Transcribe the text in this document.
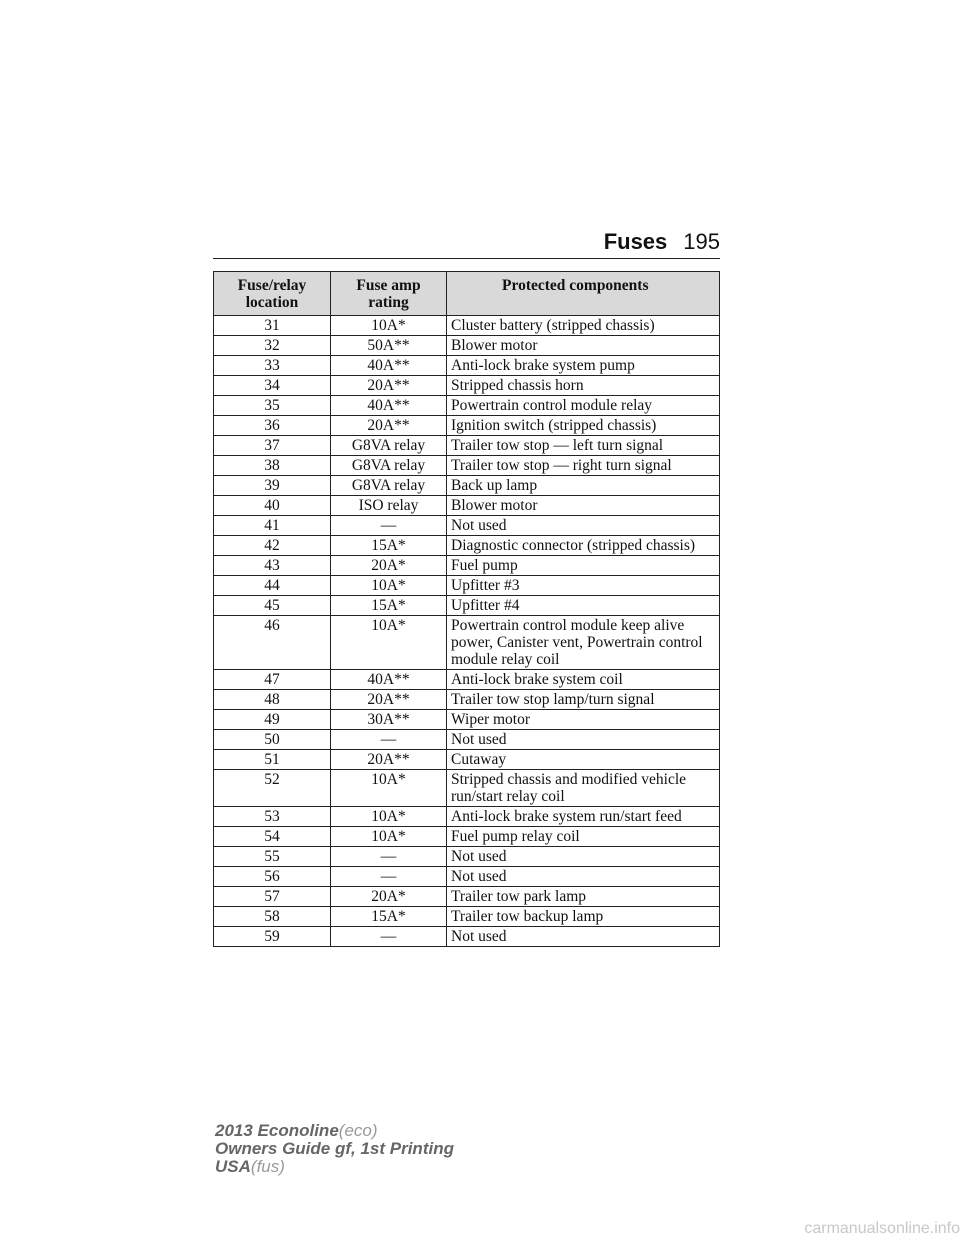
Fuses 195
Fuse/relay location	Fuse amp rating	Protected components
31	10A*	Cluster battery (stripped chassis)
32	50A**	Blower motor
33	40A**	Anti-lock brake system pump
34	20A**	Stripped chassis horn
35	40A**	Powertrain control module relay
36	20A**	Ignition switch (stripped chassis)
37	G8VA relay	Trailer tow stop — left turn signal
38	G8VA relay	Trailer tow stop — right turn signal
39	G8VA relay	Back up lamp
40	ISO relay	Blower motor
41	—	Not used
42	15A*	Diagnostic connector (stripped chassis)
43	20A*	Fuel pump
44	10A*	Upfitter #3
45	15A*	Upfitter #4
46	10A*	Powertrain control module keep alive power, Canister vent, Powertrain control module relay coil
47	40A**	Anti-lock brake system coil
48	20A**	Trailer tow stop lamp/turn signal
49	30A**	Wiper motor
50	—	Not used
51	20A**	Cutaway
52	10A*	Stripped chassis and modified vehicle run/start relay coil
53	10A*	Anti-lock brake system run/start feed
54	10A*	Fuel pump relay coil
55	—	Not used
56	—	Not used
57	20A*	Trailer tow park lamp
58	15A*	Trailer tow backup lamp
59	—	Not used
2013 Econoline(eco)
Owners Guide gf, 1st Printing
USA(fus)
carmanualsonline.info
